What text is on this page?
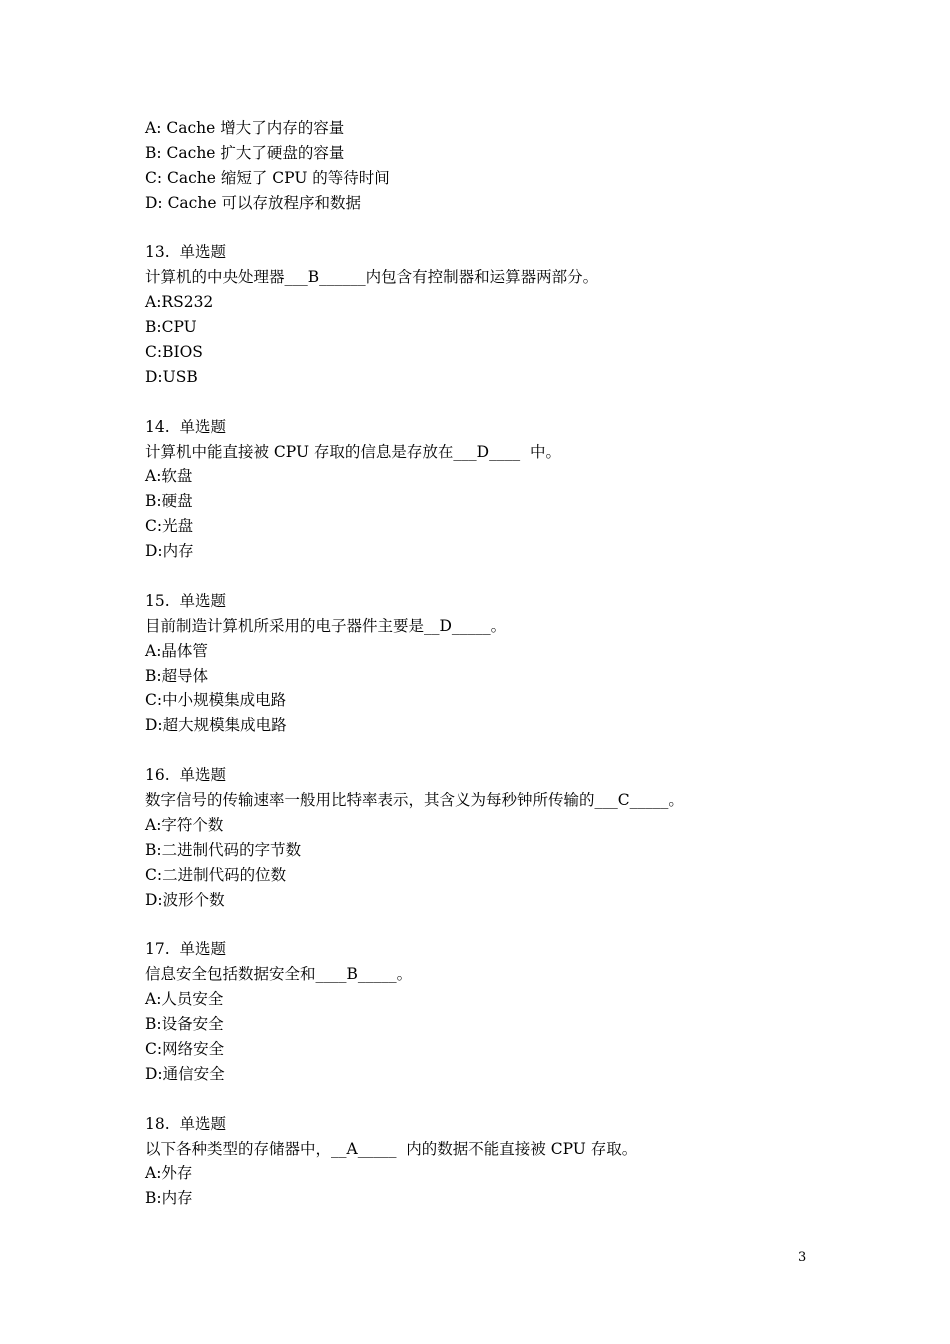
A: Cache 增大了内存的容量
B: Cache 扩大了硬盘的容量
C: Cache 缩短了 CPU 的等待时间
D: Cache 可以存放程序和数据
13.  单选题
计算机的中央处理器___B______内包含有控制器和运算器两部分。
A:RS232
B:CPU
C:BIOS
D:USB
14.  单选题
计算机中能直接被 CPU 存取的信息是存放在___D____  中。
A:软盘
B:硬盘
C:光盘
D:内存
15.  单选题
目前制造计算机所采用的电子器件主要是__D_____。
A:晶体管
B:超导体
C:中小规模集成电路
D:超大规模集成电路
16.  单选题
数字信号的传输速率一般用比特率表示，其含义为每秒钟所传输的___C_____。
A:字符个数
B:二进制代码的字节数
C:二进制代码的位数
D:波形个数
17.  单选题
信息安全包括数据安全和____B_____。
A:人员安全
B:设备安全
C:网络安全
D:通信安全
18.  单选题
以下各种类型的存储器中，__A_____  内的数据不能直接被 CPU 存取。
A:外存
B:内存
3
